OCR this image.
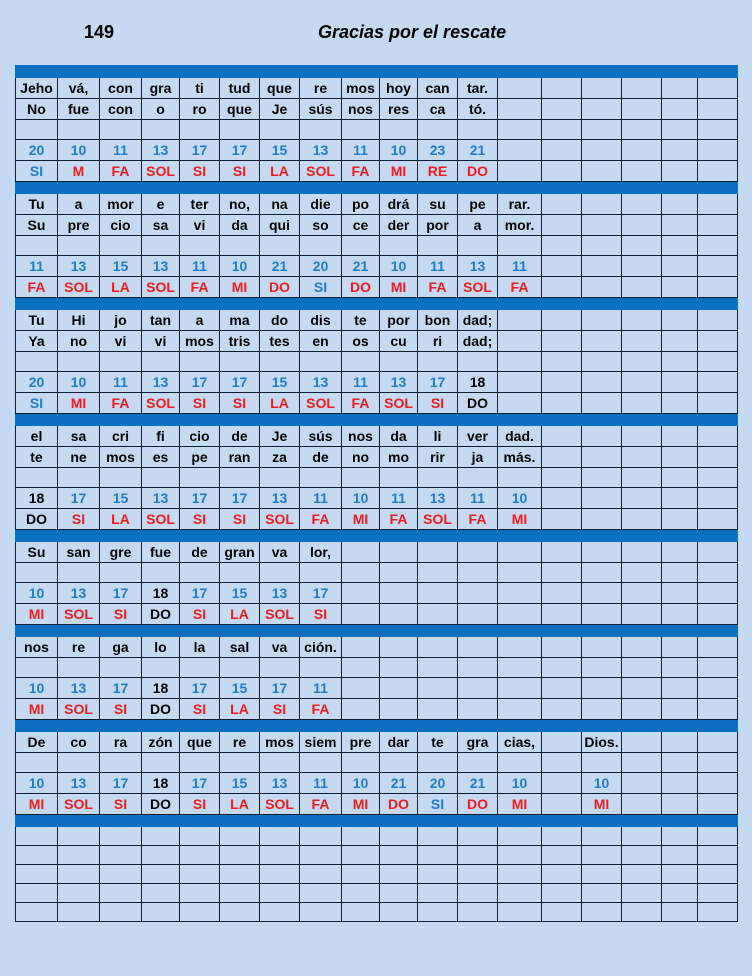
149	Gracias por el rescate

Jeho	vá,	con	gra	ti	tud	que	re	mos	hoy	can	tar.						
No	fue	con	o	ro	que	Je	sús	nos	res	ca	tó.						

20	10	11	13	17	17	15	13	11	10	23	21						
SI	M	FA	SOL	SI	SI	LA	SOL	FA	MI	RE	DO						

Tu	a	mor	e	ter	no,	na	die	po	drá	su	pe	rar.					
Su	pre	cio	sa	vi	da	qui	so	ce	der	por	a	mor.					

11	13	15	13	11	10	21	20	21	10	11	13	11					
FA	SOL	LA	SOL	FA	MI	DO	SI	DO	MI	FA	SOL	FA					

Tu	Hi	jo	tan	a	ma	do	dis	te	por	bon	dad;						
Ya	no	vi	vi	mos	tris	tes	en	os	cu	ri	dad;						

20	10	11	13	17	17	15	13	11	13	17	18						
SI	MI	FA	SOL	SI	SI	LA	SOL	FA	SOL	SI	DO						

el	sa	cri	fi	cio	de	Je	sús	nos	da	li	ver	dad.					
te	ne	mos	es	pe	ran	za	de	no	mo	rir	ja	más.					

18	17	15	13	17	17	13	11	10	11	13	11	10					
DO	SI	LA	SOL	SI	SI	SOL	FA	MI	FA	SOL	FA	MI					

Su	san	gre	fue	de	gran	va	lor,										

10	13	17	18	17	15	13	17										
MI	SOL	SI	DO	SI	LA	SOL	SI										

nos	re	ga	lo	la	sal	va	ción.										

10	13	17	18	17	15	17	11										
MI	SOL	SI	DO	SI	LA	SI	FA										

De	co	ra	zón	que	re	mos	siem	pre	dar	te	gra	cias,		Dios.			

10	13	17	18	17	15	13	11	10	21	20	21	10		10			
MI	SOL	SI	DO	SI	LA	SOL	FA	MI	DO	SI	DO	MI		MI			
